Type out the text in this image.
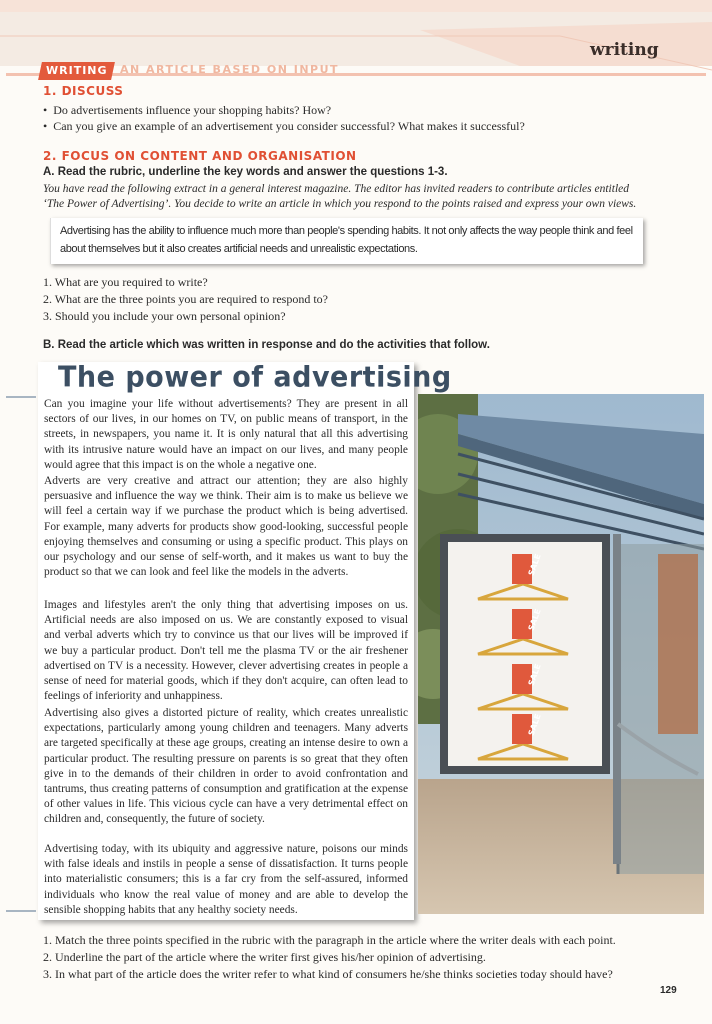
writing
WRITING	AN ARTICLE BASED ON INPUT
1. DISCUSS
•  Do advertisements influence your shopping habits? How?
•  Can you give an example of an advertisement you consider successful? What makes it successful?
2. FOCUS ON CONTENT AND ORGANISATION
A. Read the rubric, underline the key words and answer the questions 1-3.
You have read the following extract in a general interest magazine. The editor has invited readers to contribute articles entitled
‘The Power of Advertising’. You decide to write an article in which you respond to the points raised and express your own views.
Advertising has the ability to influence much more than people's spending habits. It not only affects the way people think and feel about themselves but it also creates artificial needs and unrealistic expectations.
1. What are you required to write?
2. What are the three points you are required to respond to?
3. Should you include your own personal opinion?
B. Read the article which was written in response and do the activities that follow.
The power of advertising
Can you imagine your life without advertisements? They are present in all sectors of our lives, in our homes on TV, on public means of transport, in the streets, in newspapers, you name it. It is only natural that all this advertising with its intrusive nature would have an impact on our lives, and many people would agree that this impact is on the whole a negative one.
Adverts are very creative and attract our attention; they are also highly persuasive and influence the way we think. Their aim is to make us believe we will feel a certain way if we purchase the product which is being advertised. For example, many adverts for products show good-looking, successful people enjoying themselves and consuming or using a specific product. This plays on our psychology and our sense of self-worth, and it makes us want to buy the product so that we can look and feel like the models in the adverts.
Images and lifestyles aren't the only thing that advertising imposes on us. Artificial needs are also imposed on us. We are constantly exposed to visual and verbal adverts which try to convince us that our lives will be improved if we buy a particular product. Don't tell me the plasma TV or the air freshener advertised on TV is a necessity. However, clever advertising creates in people a sense of need for material goods, which if they don't acquire, can often lead to feelings of inferiority and unhappiness.
Advertising also gives a distorted picture of reality, which creates unrealistic expectations, particularly among young children and teenagers. Many adverts are targeted specifically at these age groups, creating an intense desire to own a particular product. The resulting pressure on parents is so great that they often give in to the demands of their children in order to avoid confrontation and tantrums, thus creating patterns of consumption and gratification at the expense of other values in life. This vicious cycle can have a very detrimental effect on children and, consequently, the future of society.
Advertising today, with its ubiquity and aggressive nature, poisons our minds with false ideals and instils in people a sense of dissatisfaction. It turns people into materialistic consumers; this is a far cry from the self-assured, informed individuals who know the real value of money and are able to develop the sensible shopping habits that any healthy society needs.
SALE
SALE
SALE
SALE
1. Match the three points specified in the rubric with the paragraph in the article where the writer deals with each point.
2. Underline the part of the article where the writer first gives his/her opinion of advertising.
3. In what part of the article does the writer refer to what kind of consumers he/she thinks societies today should have?
129
